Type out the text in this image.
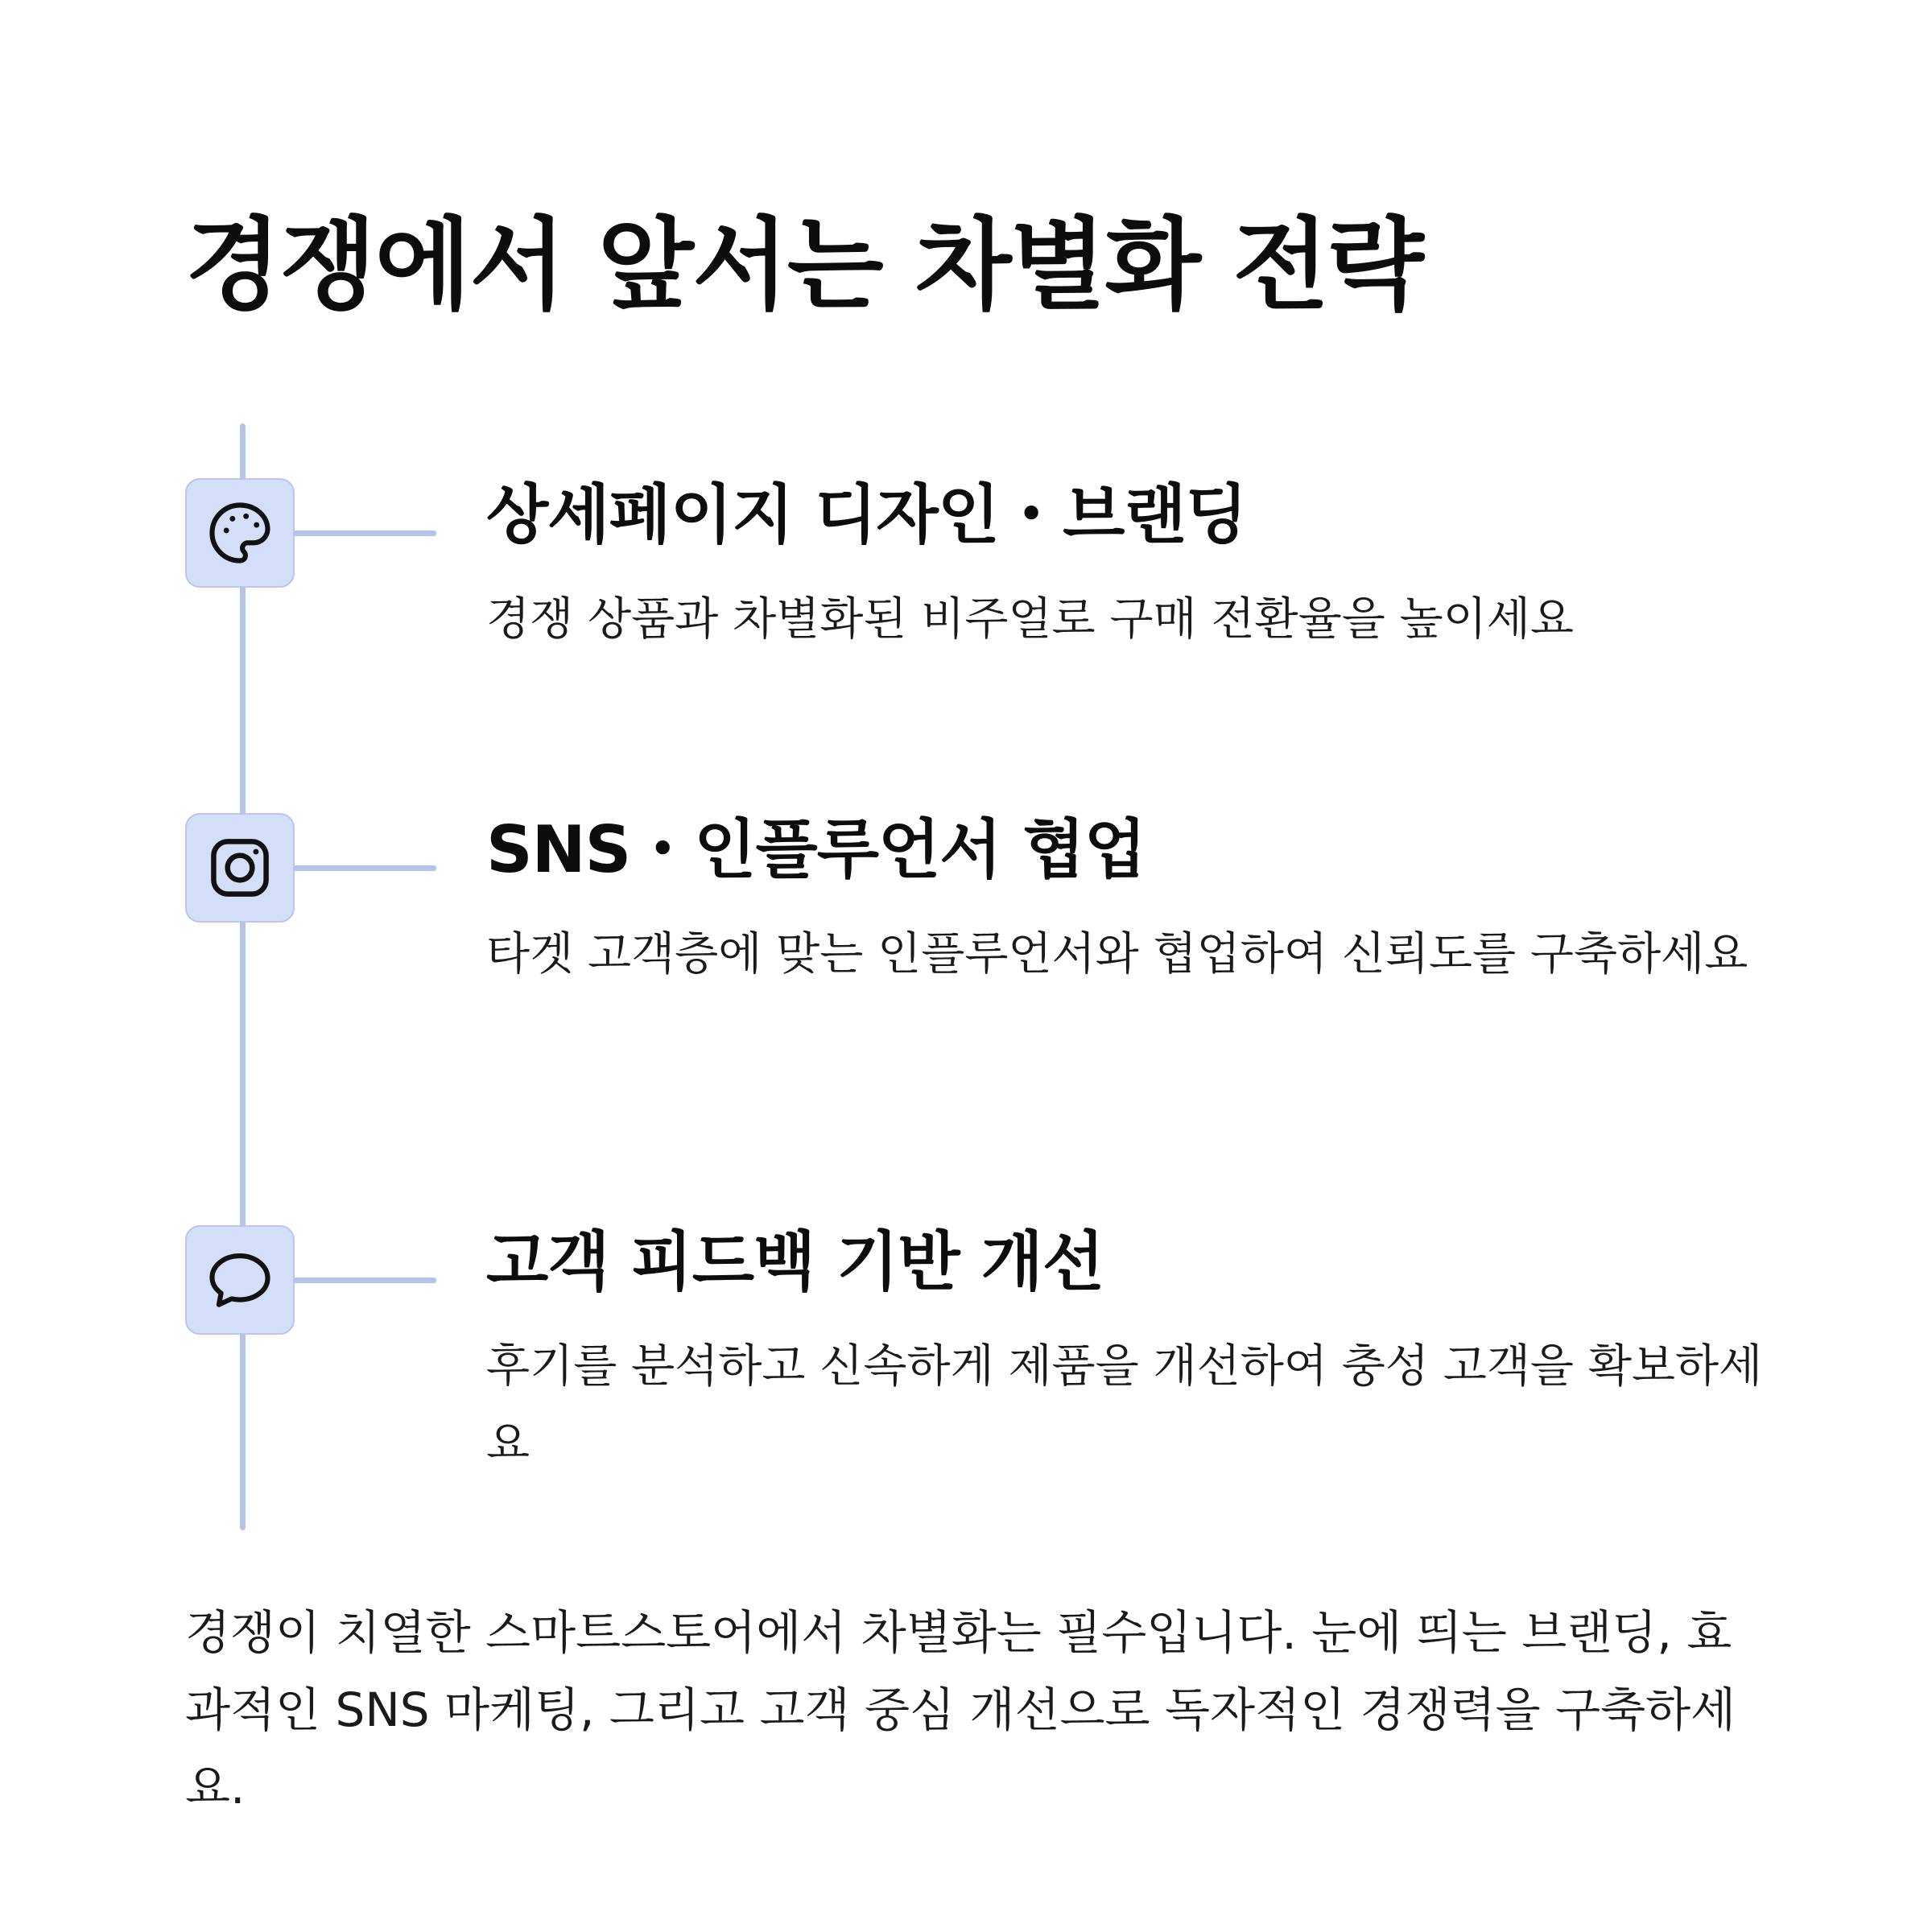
경쟁에서 앞서는 차별화 전략
상세페이지 디자인・브랜딩

경쟁 상품과 차별화된 비주얼로 구매 전환율을 높이세요

SNS・인플루언서 협업

타겟 고객층에 맞는 인플루언서와 협업하여 신뢰도를 구축하세요

고객 피드백 기반 개선

후기를 분석하고 신속하게 제품을 개선하여 충성 고객을 확보하세요

경쟁이 치열한 스마트스토어에서 차별화는 필수입니다. 눈에 띄는 브랜딩, 효과적인 SNS 마케팅, 그리고 고객 중심 개선으로 독자적인 경쟁력을 구축하세요.
